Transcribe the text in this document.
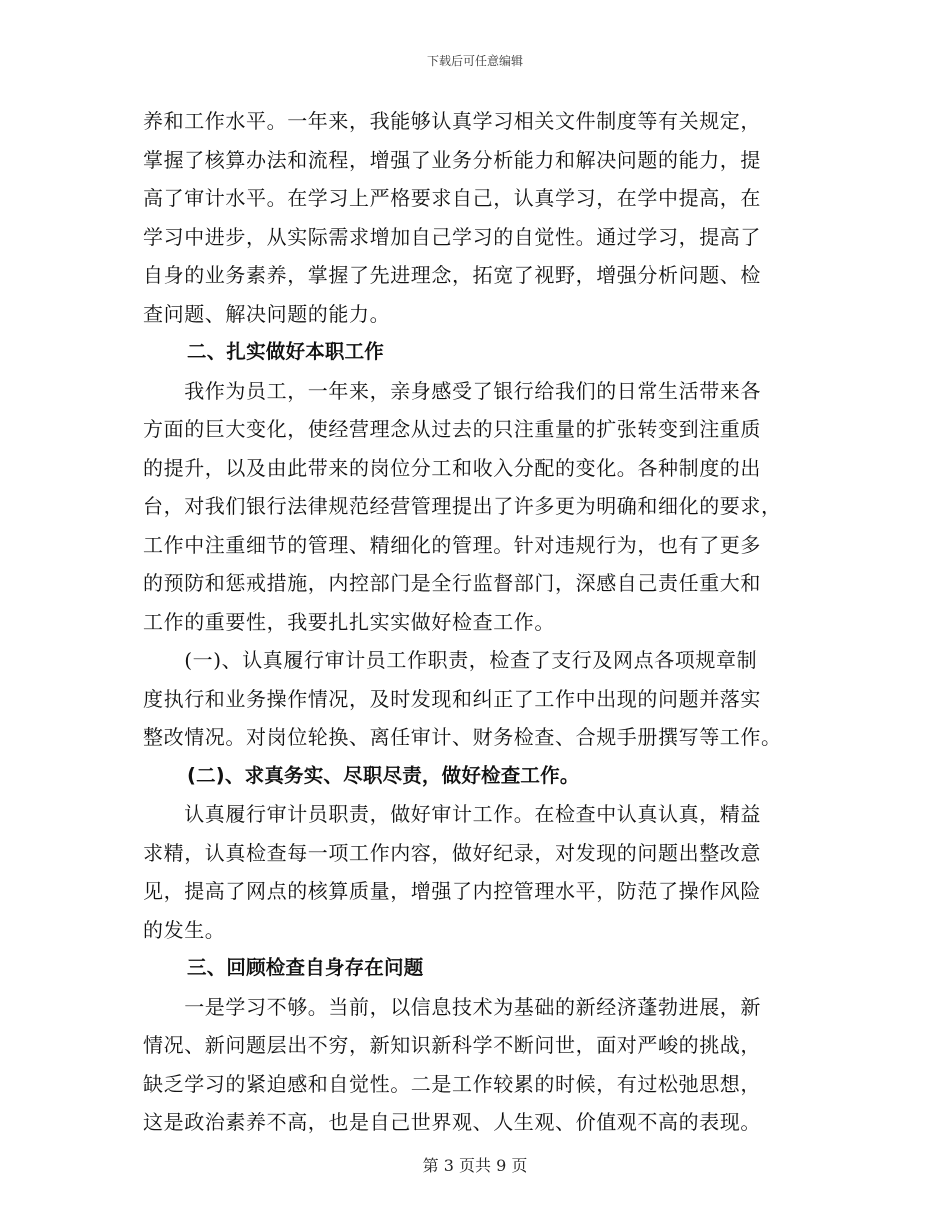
下载后可任意编辑
养和工作水平。一年来，我能够认真学习相关文件制度等有关规定，
掌握了核算办法和流程，增强了业务分析能力和解决问题的能力，提
高了审计水平。在学习上严格要求自己，认真学习，在学中提高，在
学习中进步，从实际需求增加自己学习的自觉性。通过学习，提高了
自身的业务素养，掌握了先进理念，拓宽了视野，增强分析问题、检
查问题、解决问题的能力。
二、扎实做好本职工作
　　我作为员工，一年来，亲身感受了银行给我们的日常生活带来各
方面的巨大变化，使经营理念从过去的只注重量的扩张转变到注重质
的提升，以及由此带来的岗位分工和收入分配的变化。各种制度的出
台，对我们银行法律规范经营管理提出了许多更为明确和细化的要求，
工作中注重细节的管理、精细化的管理。针对违规行为，也有了更多
的预防和惩戒措施，内控部门是全行监督部门，深感自己责任重大和
工作的重要性，我要扎扎实实做好检查工作。
　　(一)、认真履行审计员工作职责，检查了支行及网点各项规章制
度执行和业务操作情况，及时发现和纠正了工作中出现的问题并落实
整改情况。对岗位轮换、离任审计、财务检查、合规手册撰写等工作。
(二)、求真务实、尽职尽责，做好检查工作。
　　认真履行审计员职责，做好审计工作。在检查中认真认真，精益
求精，认真检查每一项工作内容，做好纪录，对发现的问题出整改意
见，提高了网点的核算质量，增强了内控管理水平，防范了操作风险
的发生。
三、回顾检查自身存在问题
　　一是学习不够。当前，以信息技术为基础的新经济蓬勃进展，新
情况、新问题层出不穷，新知识新科学不断问世，面对严峻的挑战，
缺乏学习的紧迫感和自觉性。二是工作较累的时候，有过松弛思想，
这是政治素养不高，也是自己世界观、人生观、价值观不高的表现。
第 3 页共 9 页
